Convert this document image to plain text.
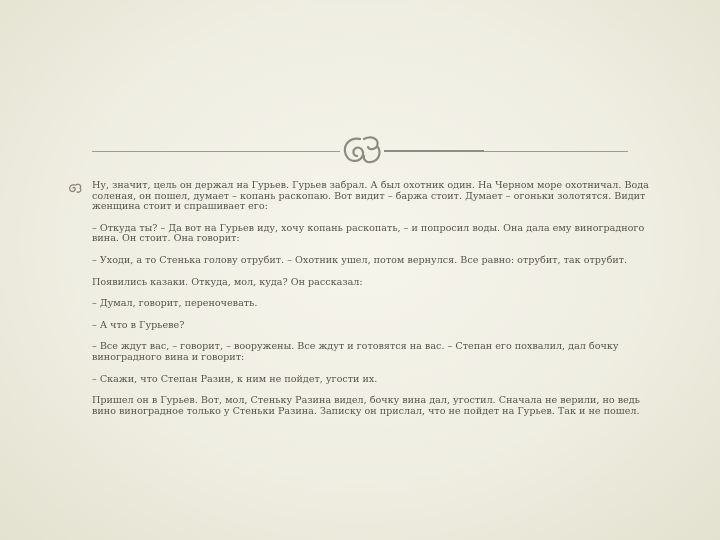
Ну, значит, цель он держал на Гурьев. Гурьев забрал. А был охотник один. На Черном море охотничал. Вода соленая, он пошел, думает – копань раскопаю. Вот видит – баржа стоит. Думает – огоньки золотятся. Видит женщина стоит и спрашивает его:

– Откуда ты? – Да вот на Гурьев иду, хочу копань раскопать, – и попросил воды. Она дала ему виноградного вина. Он стоит. Она говорит:

– Уходи, а то Стенька голову отрубит. – Охотник ушел, потом вернулся. Все равно: отрубит, так отрубит.

Появились казаки. Откуда, мол, куда? Он рассказал:

– Думал, говорит, переночевать.

– А что в Гурьеве?

– Все ждут вас, – говорит, – вооружены. Все ждут и готовятся на вас. – Степан его похвалил, дал бочку виноградного вина и говорит:

– Скажи, что Степан Разин, к ним не пойдет, угости их.

Пришел он в Гурьев. Вот, мол, Стеньку Разина видел, бочку вина дал, угостил. Сначала не верили, но ведь вино виноградное только у Стеньки Разина. Записку он прислал, что не пойдет на Гурьев. Так и не пошел.
